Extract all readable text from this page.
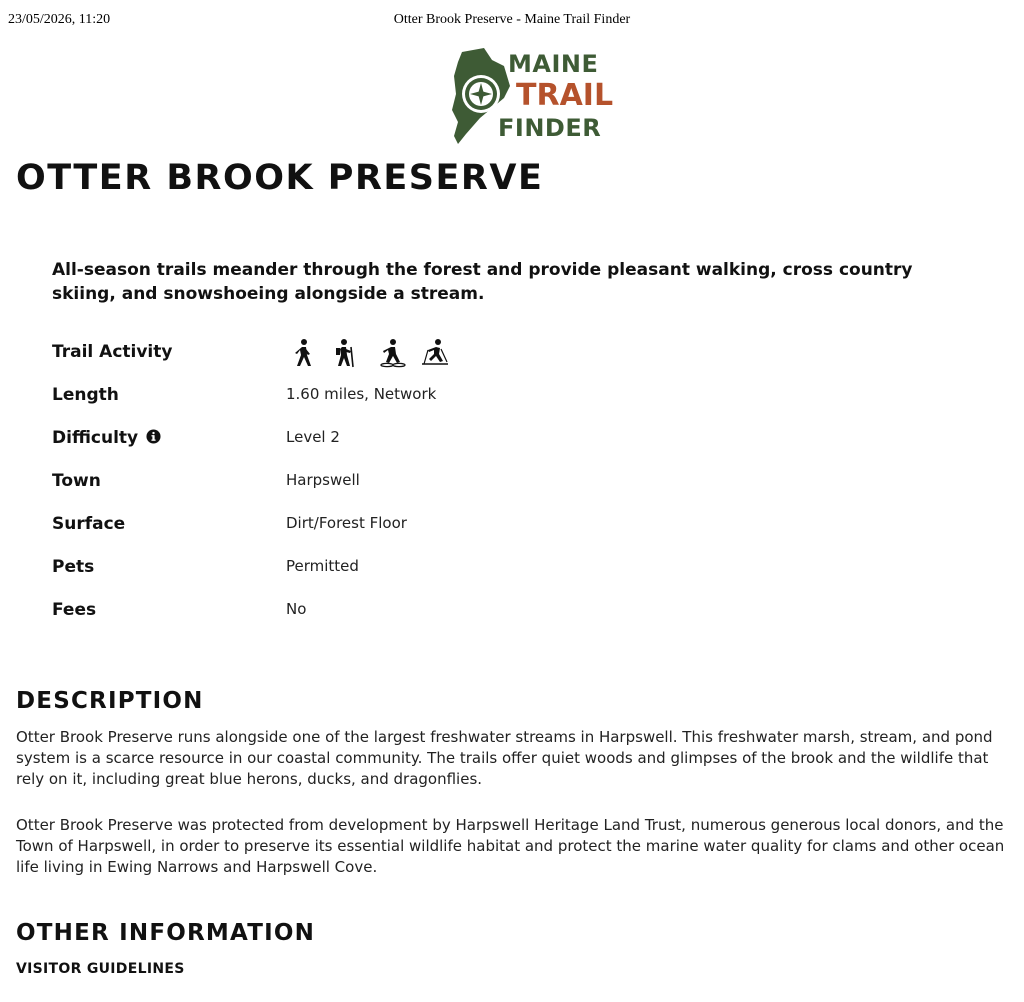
23/05/2026, 11:20	Otter Brook Preserve - Maine Trail Finder
MAINE
TRAIL
FINDER
OTTER BROOK PRESERVE

All-season trails meander through the forest and provide pleasant walking, cross country skiing, and snowshoeing alongside a stream.

Trail Activity
Length	1.60 miles, Network
Difficulty	Level 2
Town	Harpswell
Surface	Dirt/Forest Floor
Pets	Permitted
Fees	No
DESCRIPTION

Otter Brook Preserve runs alongside one of the largest freshwater streams in Harpswell. This freshwater marsh, stream, and pond system is a scarce resource in our coastal community. The trails offer quiet woods and glimpses of the brook and the wildlife that rely on it, including great blue herons, ducks, and dragonflies.

Otter Brook Preserve was protected from development by Harpswell Heritage Land Trust, numerous generous local donors, and the Town of Harpswell, in order to preserve its essential wildlife habitat and protect the marine water quality for clams and other ocean life living in Ewing Narrows and Harpswell Cove.

OTHER INFORMATION
VISITOR GUIDELINES
